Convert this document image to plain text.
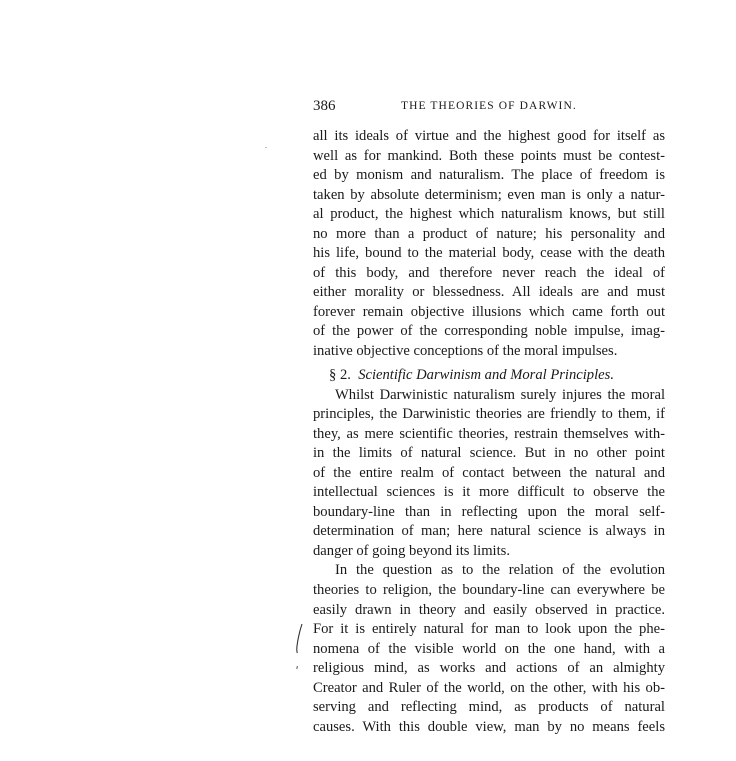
386	THE THEORIES OF DARWIN.
all its ideals of virtue and the highest good for itself as
well as for mankind. Both these points must be contest-
ed by monism and naturalism. The place of freedom is
taken by absolute determinism; even man is only a natur-
al product, the highest which naturalism knows, but still
no more than a product of nature; his personality and
his life, bound to the material body, cease with the death
of this body, and therefore never reach the ideal of
either morality or blessedness. All ideals are and must
forever remain objective illusions which came forth out
of the power of the corresponding noble impulse, imag-
inative objective conceptions of the moral impulses.
§ 2. Scientific Darwinism and Moral Principles.
Whilst Darwinistic naturalism surely injures the moral
principles, the Darwinistic theories are friendly to them, if
they, as mere scientific theories, restrain themselves with-
in the limits of natural science. But in no other point
of the entire realm of contact between the natural and
intellectual sciences is it more difficult to observe the
boundary-line than in reflecting upon the moral self-
determination of man; here natural science is always in
danger of going beyond its limits.
In the question as to the relation of the evolution
theories to religion, the boundary-line can everywhere be
easily drawn in theory and easily observed in practice.
For it is entirely natural for man to look upon the phe-
nomena of the visible world on the one hand, with a
religious mind, as works and actions of an almighty
Creator and Ruler of the world, on the other, with his ob-
serving and reflecting mind, as products of natural
causes. With this double view, man by no means feels
